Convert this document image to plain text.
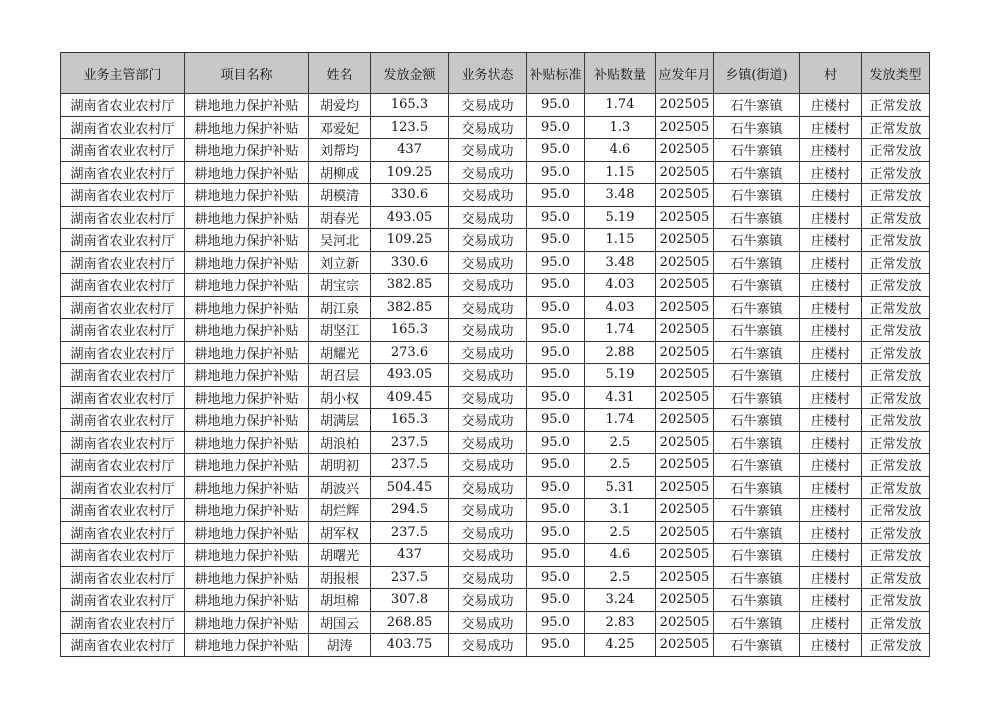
业务主管部门	项目名称	姓名	发放金额	业务状态	补贴标准	补贴数量	应发年月	乡镇(街道)	村	发放类型
湖南省农业农村厅	耕地地力保护补贴	胡爱均	165.3	交易成功	95.0	1.74	202505	石牛寨镇	庄楼村	正常发放
湖南省农业农村厅	耕地地力保护补贴	邓爱妃	123.5	交易成功	95.0	1.3	202505	石牛寨镇	庄楼村	正常发放
湖南省农业农村厅	耕地地力保护补贴	刘帮均	437	交易成功	95.0	4.6	202505	石牛寨镇	庄楼村	正常发放
湖南省农业农村厅	耕地地力保护补贴	胡柳成	109.25	交易成功	95.0	1.15	202505	石牛寨镇	庄楼村	正常发放
湖南省农业农村厅	耕地地力保护补贴	胡模清	330.6	交易成功	95.0	3.48	202505	石牛寨镇	庄楼村	正常发放
湖南省农业农村厅	耕地地力保护补贴	胡春光	493.05	交易成功	95.0	5.19	202505	石牛寨镇	庄楼村	正常发放
湖南省农业农村厅	耕地地力保护补贴	吴河北	109.25	交易成功	95.0	1.15	202505	石牛寨镇	庄楼村	正常发放
湖南省农业农村厅	耕地地力保护补贴	刘立新	330.6	交易成功	95.0	3.48	202505	石牛寨镇	庄楼村	正常发放
湖南省农业农村厅	耕地地力保护补贴	胡宝宗	382.85	交易成功	95.0	4.03	202505	石牛寨镇	庄楼村	正常发放
湖南省农业农村厅	耕地地力保护补贴	胡江泉	382.85	交易成功	95.0	4.03	202505	石牛寨镇	庄楼村	正常发放
湖南省农业农村厅	耕地地力保护补贴	胡坚江	165.3	交易成功	95.0	1.74	202505	石牛寨镇	庄楼村	正常发放
湖南省农业农村厅	耕地地力保护补贴	胡耀光	273.6	交易成功	95.0	2.88	202505	石牛寨镇	庄楼村	正常发放
湖南省农业农村厅	耕地地力保护补贴	胡召层	493.05	交易成功	95.0	5.19	202505	石牛寨镇	庄楼村	正常发放
湖南省农业农村厅	耕地地力保护补贴	胡小权	409.45	交易成功	95.0	4.31	202505	石牛寨镇	庄楼村	正常发放
湖南省农业农村厅	耕地地力保护补贴	胡满层	165.3	交易成功	95.0	1.74	202505	石牛寨镇	庄楼村	正常发放
湖南省农业农村厅	耕地地力保护补贴	胡浪柏	237.5	交易成功	95.0	2.5	202505	石牛寨镇	庄楼村	正常发放
湖南省农业农村厅	耕地地力保护补贴	胡明初	237.5	交易成功	95.0	2.5	202505	石牛寨镇	庄楼村	正常发放
湖南省农业农村厅	耕地地力保护补贴	胡波兴	504.45	交易成功	95.0	5.31	202505	石牛寨镇	庄楼村	正常发放
湖南省农业农村厅	耕地地力保护补贴	胡烂辉	294.5	交易成功	95.0	3.1	202505	石牛寨镇	庄楼村	正常发放
湖南省农业农村厅	耕地地力保护补贴	胡军权	237.5	交易成功	95.0	2.5	202505	石牛寨镇	庄楼村	正常发放
湖南省农业农村厅	耕地地力保护补贴	胡曙光	437	交易成功	95.0	4.6	202505	石牛寨镇	庄楼村	正常发放
湖南省农业农村厅	耕地地力保护补贴	胡报根	237.5	交易成功	95.0	2.5	202505	石牛寨镇	庄楼村	正常发放
湖南省农业农村厅	耕地地力保护补贴	胡坦棉	307.8	交易成功	95.0	3.24	202505	石牛寨镇	庄楼村	正常发放
湖南省农业农村厅	耕地地力保护补贴	胡国云	268.85	交易成功	95.0	2.83	202505	石牛寨镇	庄楼村	正常发放
湖南省农业农村厅	耕地地力保护补贴	胡涛	403.75	交易成功	95.0	4.25	202505	石牛寨镇	庄楼村	正常发放
